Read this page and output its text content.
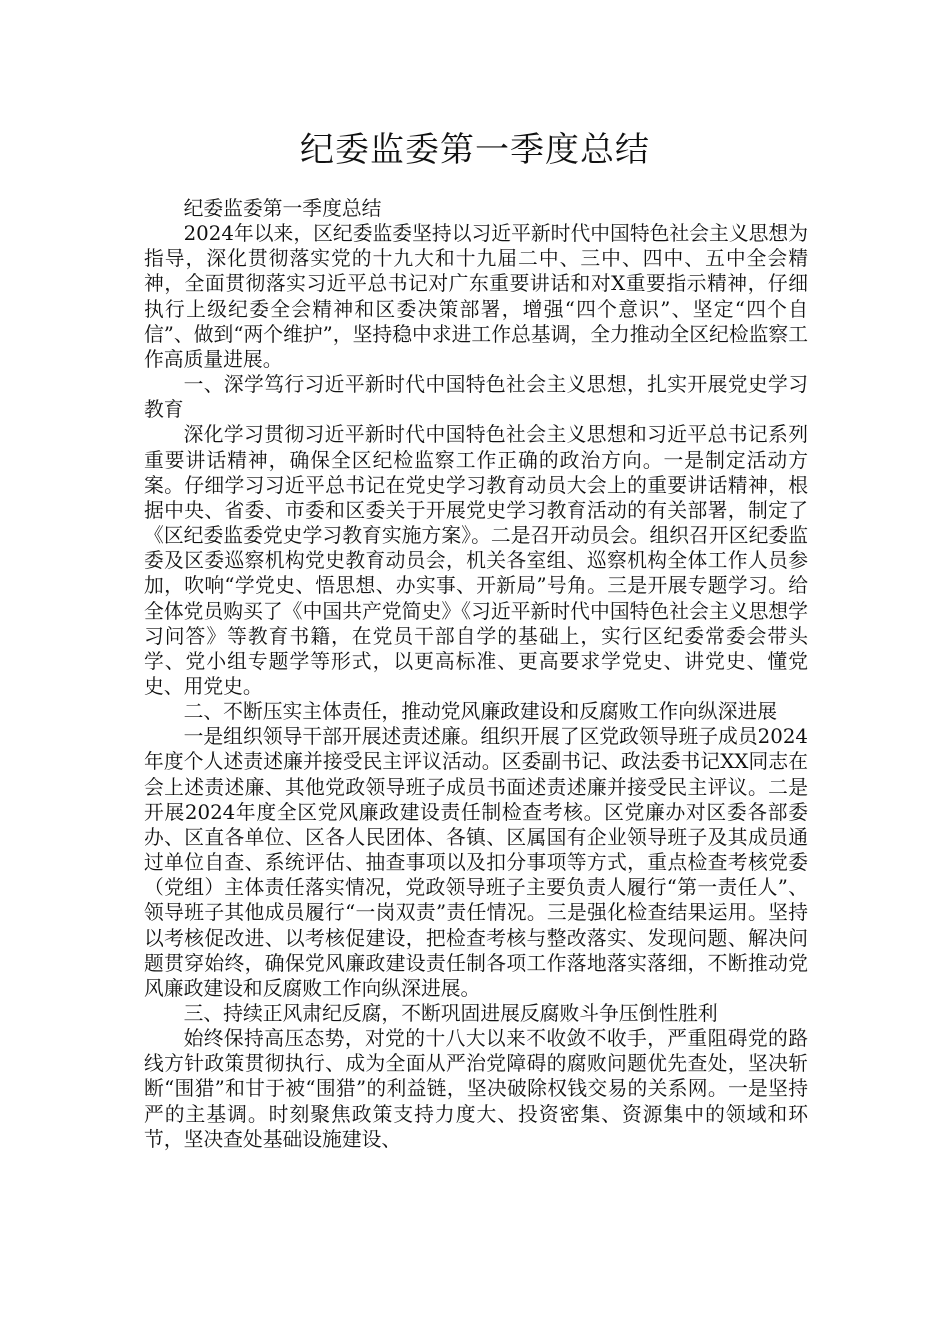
纪委监委第一季度总结

纪委监委第一季度总结

2024年以来，区纪委监委坚持以习近平新时代中国特色社会主义思想为指导，深化贯彻落实党的十九大和十九届二中、三中、四中、五中全会精神，全面贯彻落实习近平总书记对广东重要讲话和对X重要指示精神，仔细执行上级纪委全会精神和区委决策部署，增强“四个意识”、坚定“四个自信”、做到“两个维护”，坚持稳中求进工作总基调，全力推动全区纪检监察工作高质量进展。

一、深学笃行习近平新时代中国特色社会主义思想，扎实开展党史学习教育

深化学习贯彻习近平新时代中国特色社会主义思想和习近平总书记系列重要讲话精神，确保全区纪检监察工作正确的政治方向。一是制定活动方案。仔细学习习近平总书记在党史学习教育动员大会上的重要讲话精神，根据中央、省委、市委和区委关于开展党史学习教育活动的有关部署，制定了《区纪委监委党史学习教育实施方案》。二是召开动员会。组织召开区纪委监委及区委巡察机构党史教育动员会，机关各室组、巡察机构全体工作人员参加，吹响“学党史、悟思想、办实事、开新局”号角。三是开展专题学习。给全体党员购买了《中国共产党简史》《习近平新时代中国特色社会主义思想学习问答》等教育书籍，在党员干部自学的基础上，实行区纪委常委会带头学、党小组专题学等形式，以更高标准、更高要求学党史、讲党史、懂党史、用党史。

二、不断压实主体责任，推动党风廉政建设和反腐败工作向纵深进展

一是组织领导干部开展述责述廉。组织开展了区党政领导班子成员2024年度个人述责述廉并接受民主评议活动。区委副书记、政法委书记XX同志在会上述责述廉、其他党政领导班子成员书面述责述廉并接受民主评议。二是开展2024年度全区党风廉政建设责任制检查考核。区党廉办对区委各部委办、区直各单位、区各人民团体、各镇、区属国有企业领导班子及其成员通过单位自查、系统评估、抽查事项以及扣分事项等方式，重点检查考核党委（党组）主体责任落实情况，党政领导班子主要负责人履行“第一责任人”、领导班子其他成员履行“一岗双责”责任情况。三是强化检查结果运用。坚持以考核促改进、以考核促建设，把检查考核与整改落实、发现问题、解决问题贯穿始终，确保党风廉政建设责任制各项工作落地落实落细，不断推动党风廉政建设和反腐败工作向纵深进展。

三、持续正风肃纪反腐，不断巩固进展反腐败斗争压倒性胜利

始终保持高压态势，对党的十八大以来不收敛不收手，严重阻碍党的路线方针政策贯彻执行、成为全面从严治党障碍的腐败问题优先查处，坚决斩断“围猎”和甘于被“围猎”的利益链，坚决破除权钱交易的关系网。一是坚持严的主基调。时刻聚焦政策支持力度大、投资密集、资源集中的领域和环节，坚决查处基础设施建设、
